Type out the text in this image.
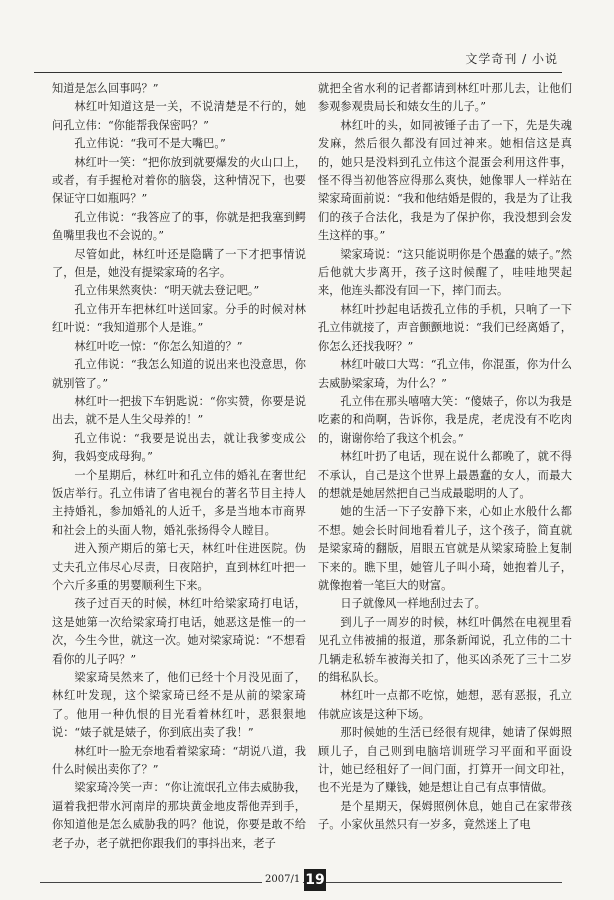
文学奇刊 / 小说

知道是怎么回事吗？”

林红叶知道这是一关，不说清楚是不行的，她问孔立伟：“你能帮我保密吗？”

孔立伟说：“我可不是大嘴巴。”

林红叶一笑：“把你放到就要爆发的火山口上，或者，有手握枪对着你的脑袋，这种情况下，也要保证守口如瓶吗？”

孔立伟说：“我答应了的事，你就是把我塞到鳄鱼嘴里我也不会说的。”

尽管如此，林红叶还是隐瞒了一下才把事情说了，但是，她没有提梁家琦的名字。

孔立伟果然爽快：“明天就去登记吧。”

孔立伟开车把林红叶送回家。分手的时候对林红叶说：“我知道那个人是谁。”

林红叶吃一惊：“你怎么知道的？”

孔立伟说：“我怎么知道的说出来也没意思，你就别管了。”

林红叶一把拔下车钥匙说：“你实赞，你要是说出去，就不是人生父母养的！”

孔立伟说：“我要是说出去，就让我爹变成公狗，我妈变成母狗。”

一个星期后，林红叶和孔立伟的婚礼在奢世纪饭店举行。孔立伟请了省电视台的著名节目主持人主持婚礼，参加婚礼的人近千，多是当地本市商界和社会上的头面人物，婚礼张扬得令人瞠目。

进入预产期后的第七天，林红叶住进医院。伪丈夫孔立伟尽心尽责，日夜陪护，直到林红叶把一个六斤多重的男婴顺利生下来。

孩子过百天的时候，林红叶给梁家琦打电话，这是她第一次给梁家琦打电话，她恶这是惟一的一次，今生今世，就这一次。她对梁家琦说：“不想看看你的儿子吗？”

梁家琦吴然来了，他们已经十个月没见面了，林红叶发现，这个梁家琦已经不是从前的梁家琦了。他用一种仇恨的目光看着林红叶，恶狠狠地说：“婊子就是婊子，你到底出卖了我！”

林红叶一脸无奈地看着梁家琦：“胡说八道，我什么时候出卖你了？”

梁家琦冷笑一声：“你让流氓孔立伟去威胁我，逼着我把带水河南岸的那块黄金地皮帮他弄到手，你知道他是怎么威胁我的吗？他说，你要是敢不给老子办，老子就把你跟我们的事抖出来，老子

就把全省水利的记者都请到林红叶那儿去，让他们参观参观贵局长和婊女生的儿子。”

林红叶的头，如同被锤子击了一下，先是失魂发麻，然后很久都没有回过神来。她相信这是真的，她只是没料到孔立伟这个混蛋会利用这件事，怪不得当初他答应得那么爽快，她像罪人一样站在梁家琦面前说：“我和他结婚是假的，我是为了让我们的孩子合法化，我是为了保护你，我没想到会发生这样的事。”

梁家琦说：“这只能说明你是个愚蠢的婊子。”然后他就大步离开，孩子这时候醒了，哇哇地哭起来，他连头都没有回一下，摔门而去。

林红叶抄起电话拨孔立伟的手机，只响了一下孔立伟就接了，声音颤颤地说：“我们已经离婚了，你怎么还找我呀？”

林红叶破口大骂：“孔立伟，你混蛋，你为什么去威胁梁家琦，为什么？”

孔立伟在那头嘻嘻大笑：“傻婊子，你以为我是吃素的和尚啊，告诉你，我是虎，老虎没有不吃肉的，谢谢你给了我这个机会。”

林红叶扔了电话，现在说什么都晚了，就不得不承认，自己是这个世界上最愚蠢的女人，而最大的想就是她居然把自己当成最聪明的人了。

她的生活一下子安静下来，心如止水般什么都不想。她会长时间地看着儿子，这个孩子，简直就是梁家琦的翻版，眉眼五官就是从梁家琦脸上复制下来的。瞧下里，她管儿子叫小琦，她抱着儿子，就像抱着一笔巨大的财富。

日子就像风一样地刮过去了。

到儿子一周岁的时候，林红叶偶然在电视里看见孔立伟被捕的报道，那条新闻说，孔立伟的二十几辆走私轿车被海关扣了，他买凶杀死了三十二岁的缉私队长。

林红叶一点都不吃惊，她想，恶有恶报，孔立伟就应该是这种下场。

那时候她的生活已经很有规律，她请了保姆照顾儿子，自己则到电脑培训班学习平面和平面设计，她已经租好了一间门面，打算开一间文印社，也不光是为了赚钱，她是想让自己有点事情做。

是个星期天，保姆照例休息，她自己在家带孩子。小家伙虽然只有一岁多，竟然迷上了电

2007/1 19
